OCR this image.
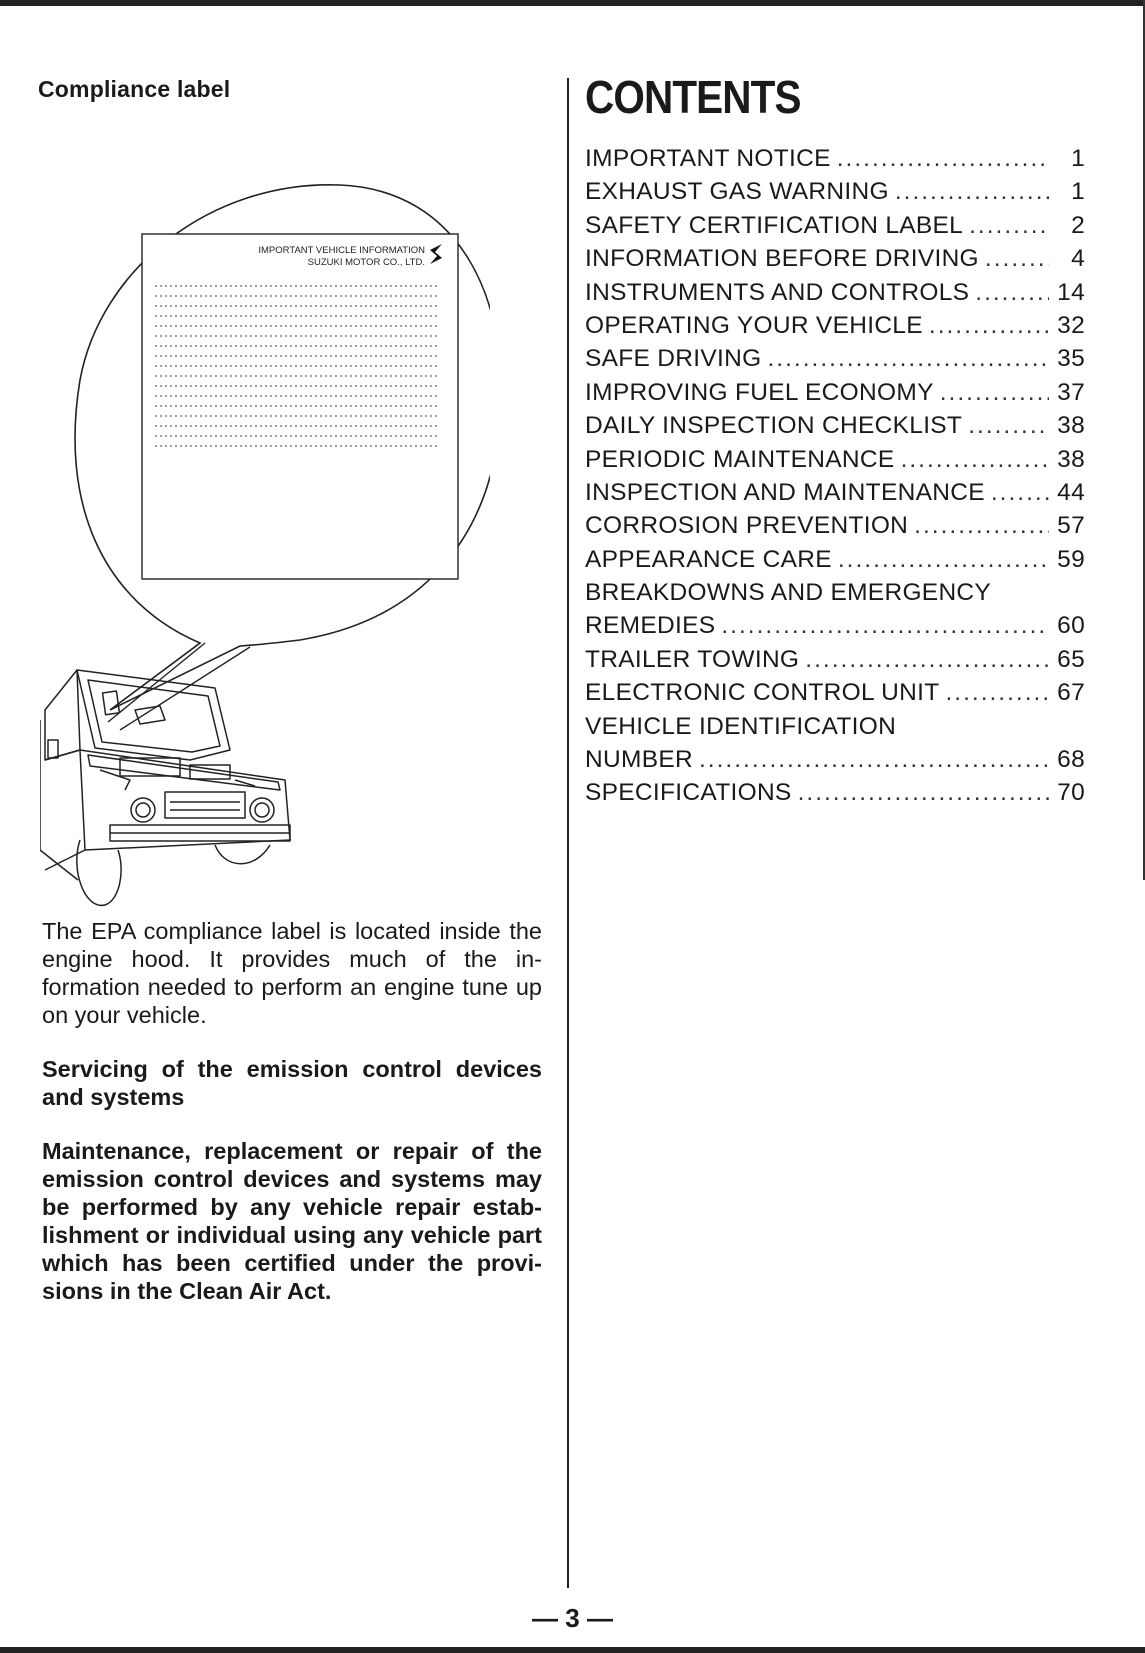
Compliance label
IMPORTANT VEHICLE INFORMATION
SUZUKI MOTOR CO., LTD.

The EPA compliance label is located inside the engine hood. It provides much of the in- formation needed to perform an engine tune up on your vehicle.

Servicing of the emission control devices and systems

Maintenance, replacement or repair of the emission control devices and systems may be performed by any vehicle repair estab- lishment or individual using any vehicle part which has been certified under the provi- sions in the Clean Air Act.

CONTENTS
IMPORTANT NOTICE .....	1
EXHAUST GAS WARNING .....	1
SAFETY CERTIFICATION LABEL .....	2
INFORMATION BEFORE DRIVING .....	4
INSTRUMENTS AND CONTROLS .....	14
OPERATING YOUR VEHICLE .....	32
SAFE DRIVING .....	35
IMPROVING FUEL ECONOMY .....	37
DAILY INSPECTION CHECKLIST .....	38
PERIODIC MAINTENANCE .....	38
INSPECTION AND MAINTENANCE .....	44
CORROSION PREVENTION .....	57
APPEARANCE CARE .....	59
BREAKDOWNS AND EMERGENCY
REMEDIES .....	60
TRAILER TOWING .....	65
ELECTRONIC CONTROL UNIT .....	67
VEHICLE IDENTIFICATION
NUMBER .....	68
SPECIFICATIONS .....	70
— 3 —
